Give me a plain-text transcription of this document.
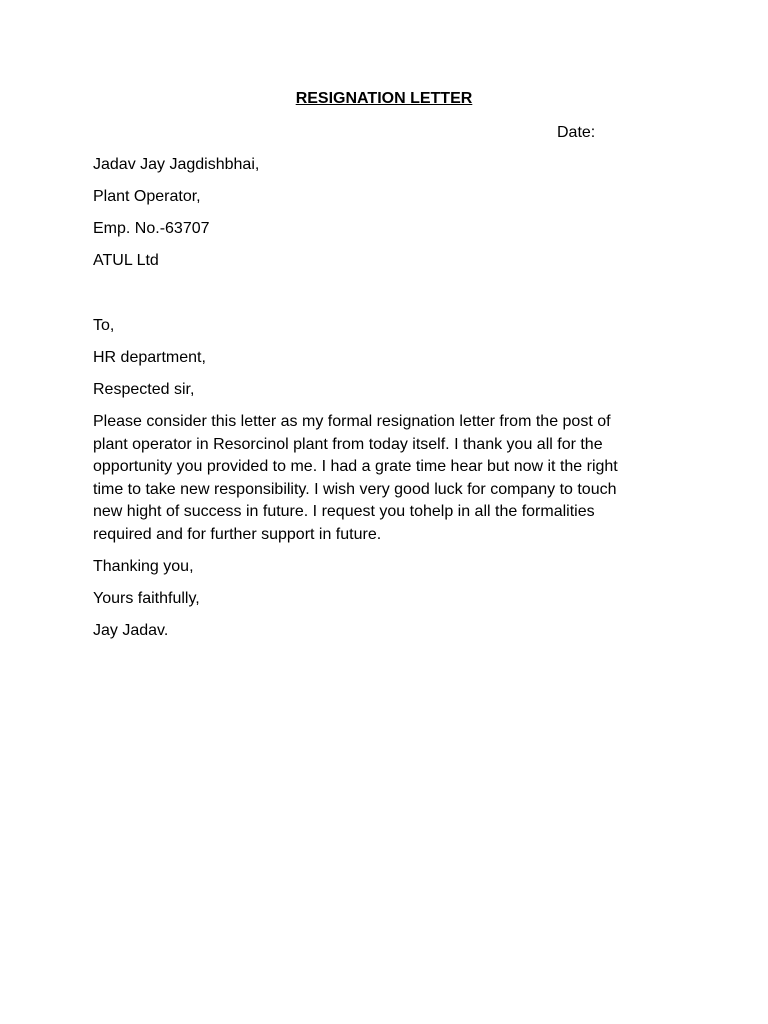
RESIGNATION LETTER
Date:
Jadav Jay Jagdishbhai,
Plant Operator,
Emp. No.-63707
ATUL Ltd
To,
HR department,
Respected sir,
Please consider this letter as my formal resignation letter from the post of
plant operator in Resorcinol plant from today itself. I thank you all for the
opportunity you provided to me. I had a grate time hear but now it the right
time to take new responsibility. I wish very good luck for company to touch
new hight of success in future. I request you tohelp in all the formalities
required and for further support in future.
Thanking you,
Yours faithfully,
Jay Jadav.
